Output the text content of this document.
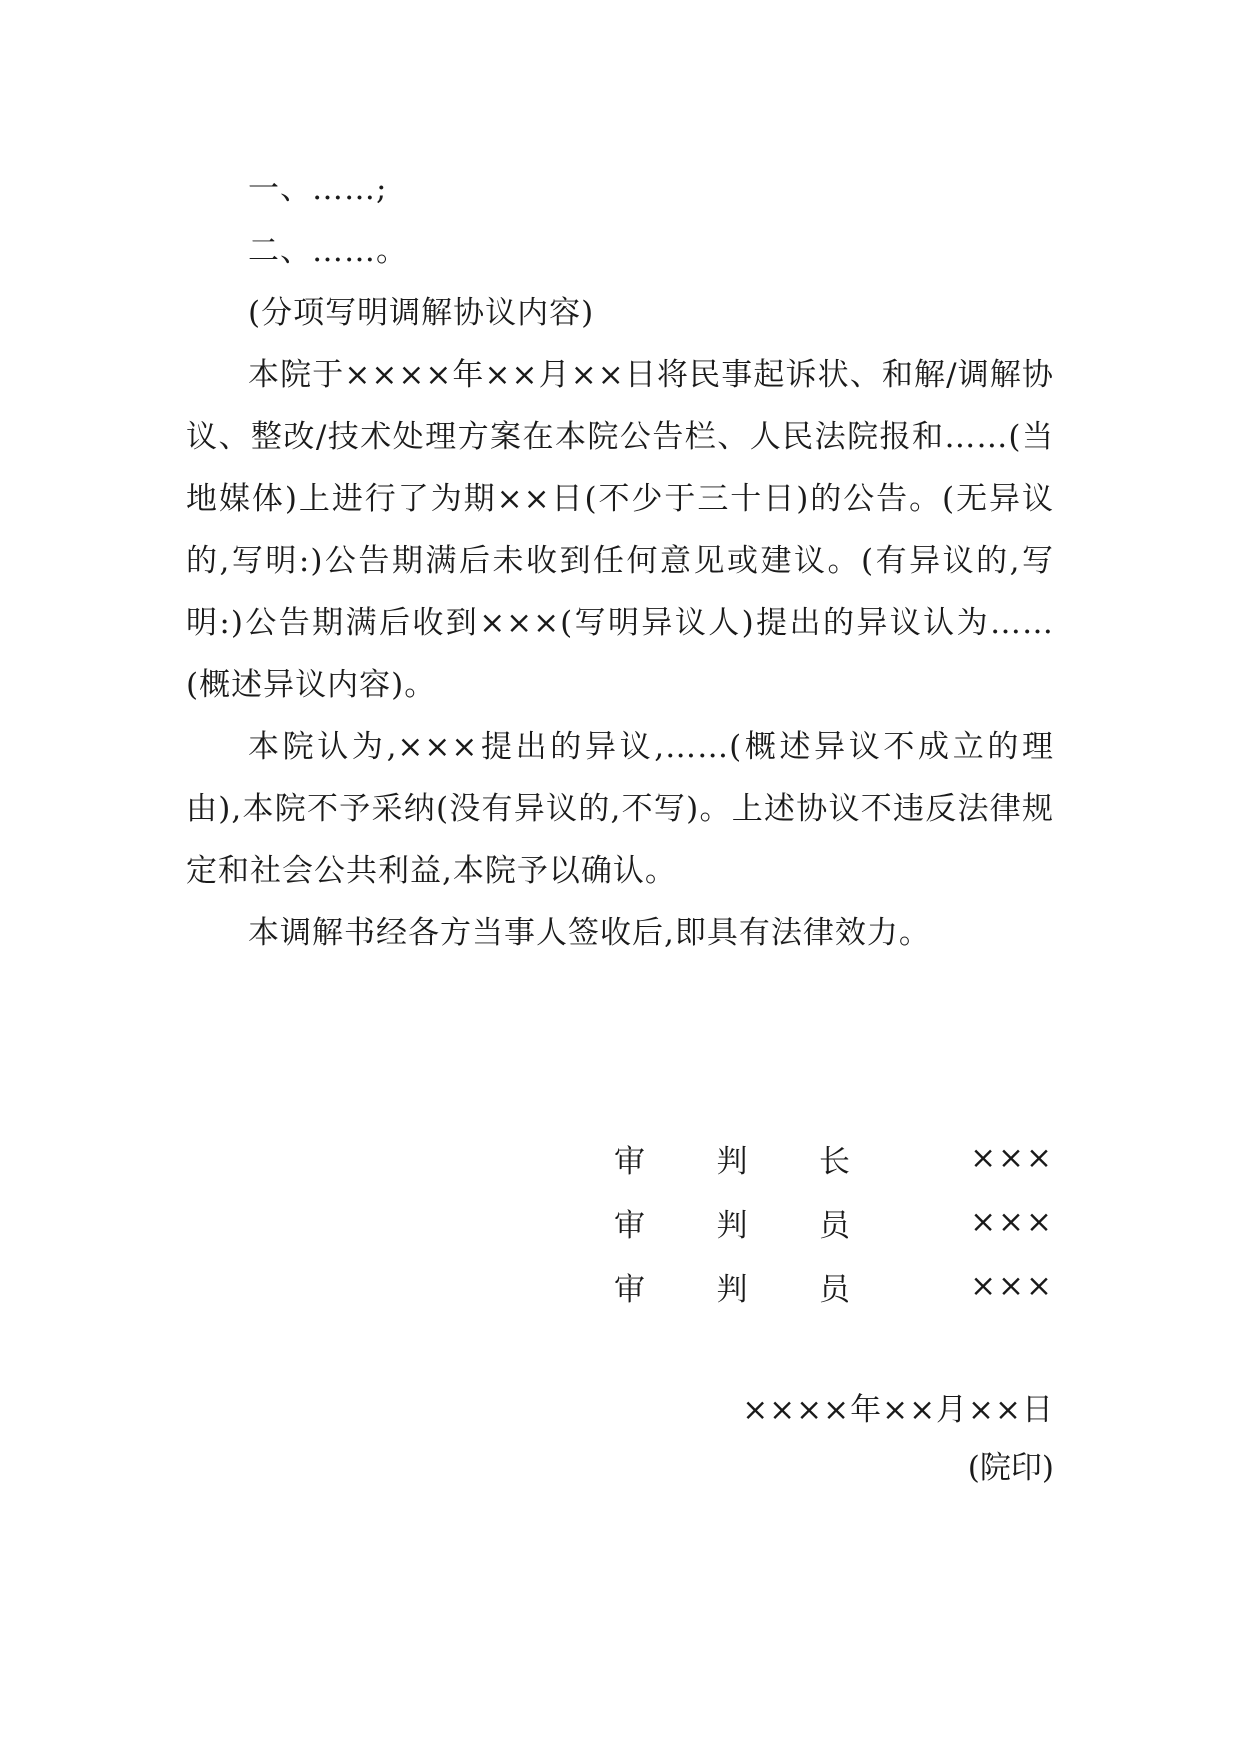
一、……;

二、……。

(分项写明调解协议内容)

本院于××××年××月××日将民事起诉状、和解/调解协议、整改/技术处理方案在本院公告栏、人民法院报和……(当地媒体)上进行了为期××日(不少于三十日)的公告。(无异议的,写明:)公告期满后未收到任何意见或建议。(有异议的,写明:)公告期满后收到×××(写明异议人)提出的异议认为……(概述异议内容)。

本院认为,×××提出的异议,……(概述异议不成立的理由),本院不予采纳(没有异议的,不写)。上述协议不违反法律规定和社会公共利益,本院予以确认。

本调解书经各方当事人签收后,即具有法律效力。

审 判 长	×××
审 判 员	×××
审 判 员	×××
××××年××月××日
(院印)
